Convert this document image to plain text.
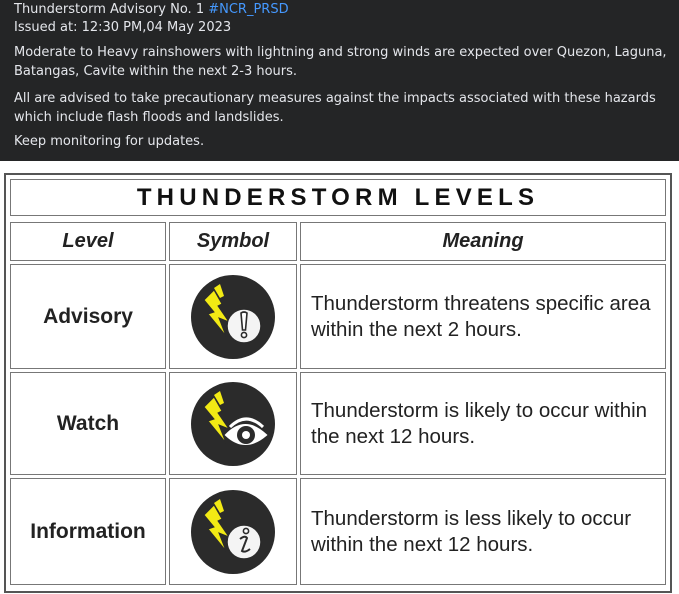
Thunderstorm Advisory No. 1 #NCR_PRSD
Issued at: 12:30 PM,04 May 2023
Moderate to Heavy rainshowers with lightning and strong winds are expected over Quezon, Laguna, Batangas, Cavite within the next 2-3 hours.
All are advised to take precautionary measures against the impacts associated with these hazards which include flash floods and landslides.
Keep monitoring for updates.
THUNDERSTORM LEVELS
Level	Symbol	Meaning
Advisory
Thunderstorm threatens specific area within the next 2 hours.
Watch
Thunderstorm is likely to occur within the next 12 hours.
Information
Thunderstorm is less likely to occur within the next 12 hours.
